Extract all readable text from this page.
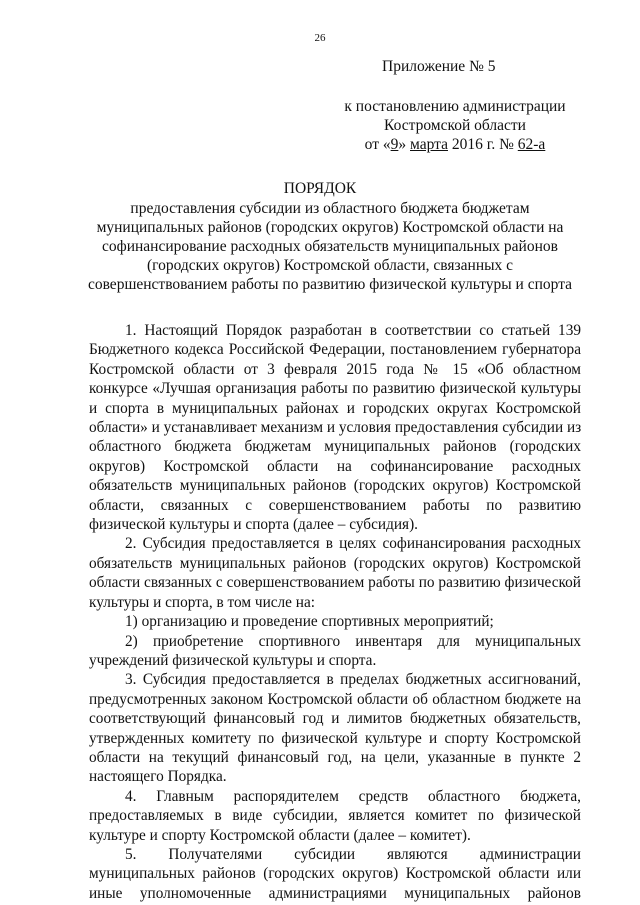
26
Приложение № 5
к постановлению администрации
Костромской области
от «9» марта 2016 г. № 62-а
ПОРЯДОК
предоставления субсидии из областного бюджета бюджетам
муниципальных районов (городских округов) Костромской области на
софинансирование расходных обязательств муниципальных районов
(городских округов) Костромской области, связанных с
совершенствованием работы по развитию физической культуры и спорта
1. Настоящий Порядок разработан в соответствии со статьей 139
Бюджетного кодекса Российской Федерации, постановлением губернатора
Костромской области от 3 февраля 2015 года № 15 «Об областном
конкурсе «Лучшая организация работы по развитию физической культуры
и спорта в муниципальных районах и городских округах Костромской
области» и устанавливает механизм и условия предоставления субсидии из
областного бюджета бюджетам муниципальных районов (городских
округов) Костромской области на софинансирование расходных
обязательств муниципальных районов (городских округов) Костромской
области, связанных с совершенствованием работы по развитию
физической культуры и спорта (далее – субсидия).
2. Субсидия предоставляется в целях софинансирования расходных
обязательств муниципальных районов (городских округов) Костромской
области связанных с совершенствованием работы по развитию физической
культуры и спорта, в том числе на:
1) организацию и проведение спортивных мероприятий;
2) приобретение спортивного инвентаря для муниципальных
учреждений физической культуры и спорта.
3. Субсидия предоставляется в пределах бюджетных ассигнований,
предусмотренных законом Костромской области об областном бюджете на
соответствующий финансовый год и лимитов бюджетных обязательств,
утвержденных комитету по физической культуре и спорту Костромской
области на текущий финансовый год, на цели, указанные в пункте 2
настоящего Порядка.
4. Главным распорядителем средств областного бюджета,
предоставляемых в виде субсидии, является комитет по физической
культуре и спорту Костромской области (далее – комитет).
5. Получателями субсидии являются администрации
муниципальных районов (городских округов) Костромской области или
иные уполномоченные администрациями муниципальных районов
